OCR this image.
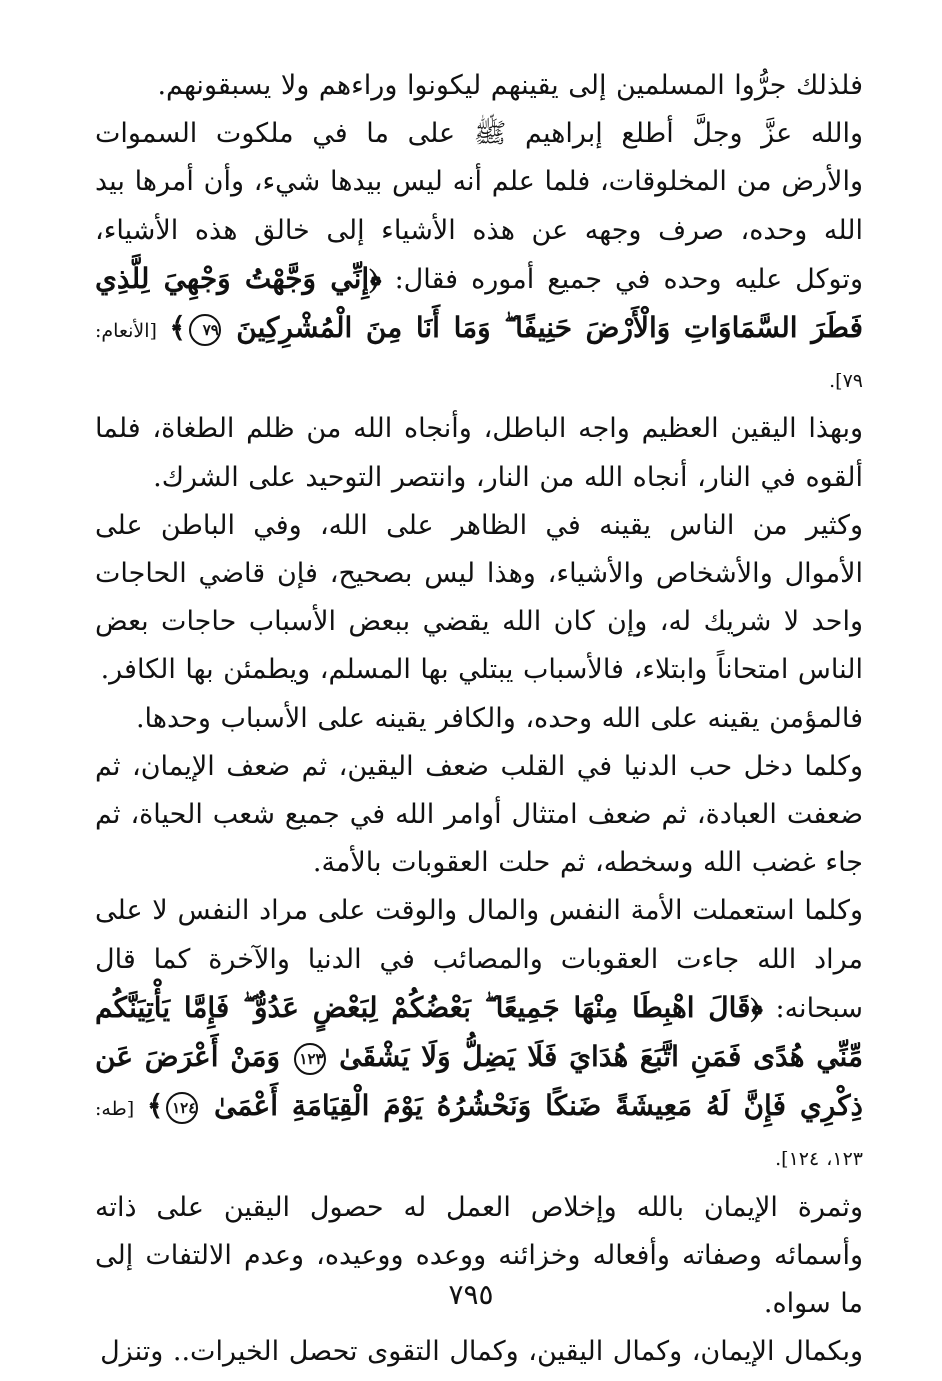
فلذلك جرُّوا المسلمين إلى يقينهم ليكونوا وراءهم ولا يسبقونهم.

والله عزَّ وجلَّ أطلع إبراهيم ﷺ على ما في ملكوت السموات والأرض من المخلوقات، فلما علم أنه ليس بيدها شيء، وأن أمرها بيد الله وحده، صرف وجهه عن هذه الأشياء إلى خالق هذه الأشياء، وتوكل عليه وحده في جميع أموره فقال: ﴿إِنِّي وَجَّهْتُ وَجْهِيَ لِلَّذِي فَطَرَ السَّمَاوَاتِ وَالْأَرْضَ حَنِيفًا ۖ وَمَا أَنَا مِنَ الْمُشْرِكِينَ ٧٩﴾ [الأنعام: ٧٩].

وبهذا اليقين العظيم واجه الباطل، وأنجاه الله من ظلم الطغاة، فلما ألقوه في النار، أنجاه الله من النار، وانتصر التوحيد على الشرك.

وكثير من الناس يقينه في الظاهر على الله، وفي الباطن على الأموال والأشخاص والأشياء، وهذا ليس بصحيح، فإن قاضي الحاجات واحد لا شريك له، وإن كان الله يقضي ببعض الأسباب حاجات بعض الناس امتحاناً وابتلاء، فالأسباب يبتلي بها المسلم، ويطمئن بها الكافر.

فالمؤمن يقينه على الله وحده، والكافر يقينه على الأسباب وحدها.

وكلما دخل حب الدنيا في القلب ضعف اليقين، ثم ضعف الإيمان، ثم ضعفت العبادة، ثم ضعف امتثال أوامر الله في جميع شعب الحياة، ثم جاء غضب الله وسخطه، ثم حلت العقوبات بالأمة.

وكلما استعملت الأمة النفس والمال والوقت على مراد النفس لا على مراد الله جاءت العقوبات والمصائب في الدنيا والآخرة كما قال سبحانه: ﴿قَالَ اهْبِطَا مِنْهَا جَمِيعًا ۖ بَعْضُكُمْ لِبَعْضٍ عَدُوٌّ ۖ فَإِمَّا يَأْتِيَنَّكُم مِّنِّي هُدًى فَمَنِ اتَّبَعَ هُدَايَ فَلَا يَضِلُّ وَلَا يَشْقَىٰ ١٢٣ وَمَنْ أَعْرَضَ عَن ذِكْرِي فَإِنَّ لَهُ مَعِيشَةً ضَنكًا وَنَحْشُرُهُ يَوْمَ الْقِيَامَةِ أَعْمَىٰ ١٢٤﴾ [طه: ١٢٣، ١٢٤].

وثمرة الإيمان بالله وإخلاص العمل له حصول اليقين على ذاته وأسمائه وصفاته وأفعاله وخزائنه ووعده ووعيده، وعدم الالتفات إلى ما سواه.

وبكمال الإيمان، وكمال اليقين، وكمال التقوى تحصل الخيرات.. وتنزل

٧٩٥
